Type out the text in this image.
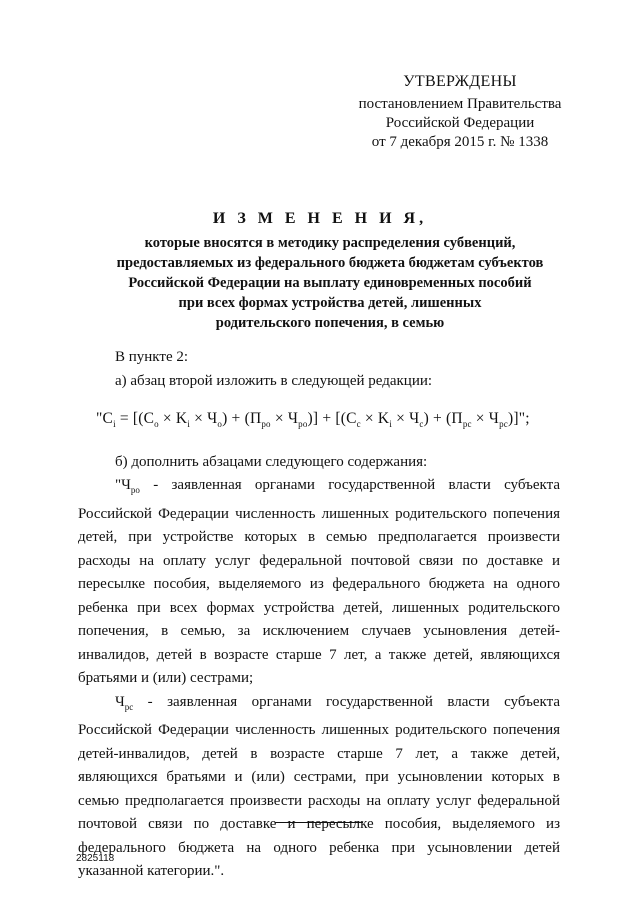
УТВЕРЖДЕНЫ
постановлением Правительства
Российской Федерации
от 7 декабря 2015 г. № 1338
И З М Е Н Е Н И Я,
которые вносятся в методику распределения субвенций,
предоставляемых из федерального бюджета бюджетам субъектов
Российской Федерации на выплату единовременных пособий
при всех формах устройства детей, лишенных
родительского попечения, в семью

В пункте 2:

а) абзац второй изложить в следующей редакции:

"$C_i = [(C_о \times K_i \times Ч_о) + (П_{ро} \times Ч_{ро})] + [(C_с \times K_i \times Ч_с) + (П_{рс} \times Ч_{рс})]$";

б) дополнить абзацами следующего содержания:

"$Ч_{ро}$ - заявленная органами государственной власти субъекта Российской Федерации численность лишенных родительского попечения детей, при устройстве которых в семью предполагается произвести расходы на оплату услуг федеральной почтовой связи по доставке и пересылке пособия, выделяемого из федерального бюджета на одного ребенка при всех формах устройства детей, лишенных родительского попечения, в семью, за исключением случаев усыновления детей-инвалидов, детей в возрасте старше 7 лет, а также детей, являющихся братьями и (или) сестрами;

$Ч_{рс}$ - заявленная органами государственной власти субъекта Российской Федерации численность лишенных родительского попечения детей-инвалидов, детей в возрасте старше 7 лет, а также детей, являющихся братьями и (или) сестрами, при усыновлении которых в семью предполагается произвести расходы на оплату услуг федеральной почтовой связи по доставке и пересылке пособия, выделяемого из федерального бюджета на одного ребенка при усыновлении детей указанной категории.".

2825118
